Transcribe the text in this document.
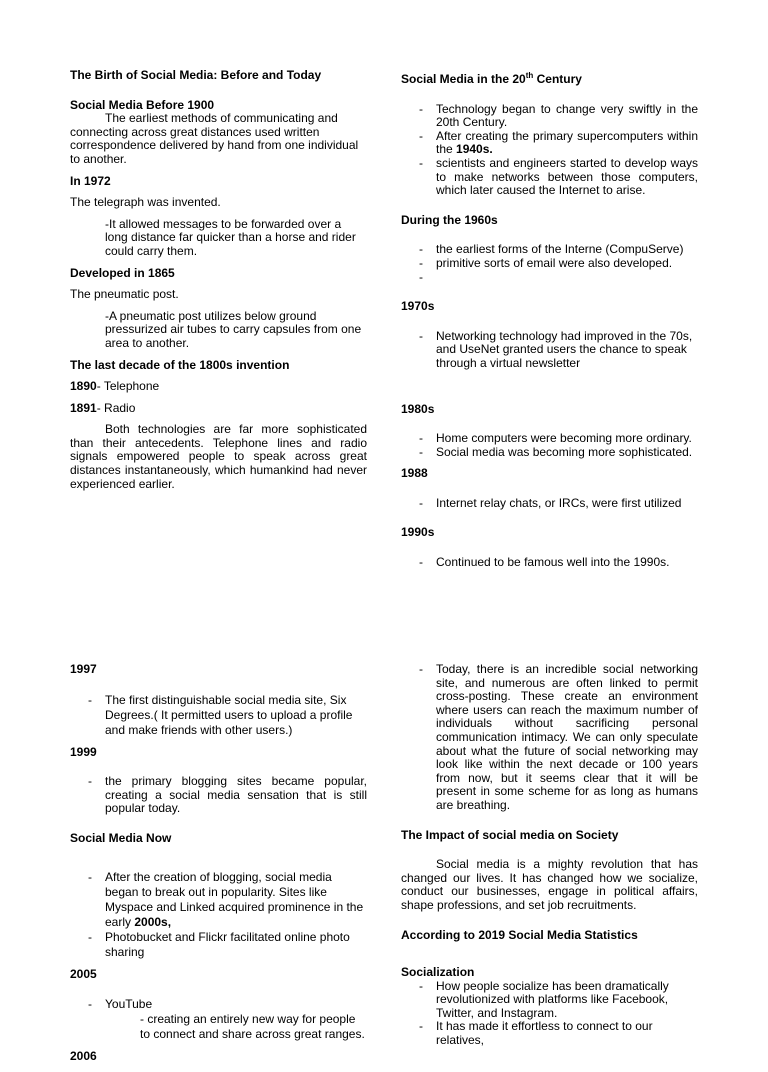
The Birth of Social Media: Before and Today
Social Media Before 1900
The earliest methods of communicating and connecting across great distances used written correspondence delivered by hand from one individual to another.
In 1972
The telegraph was invented.
-It allowed messages to be forwarded over a long distance far quicker than a horse and rider could carry them.
Developed in 1865
The pneumatic post.
-A pneumatic post utilizes below ground pressurized air tubes to carry capsules from one area to another.
The last decade of the 1800s invention
1890- Telephone
1891- Radio
Both technologies are far more sophisticated than their antecedents. Telephone lines and radio signals empowered people to speak across great distances instantaneously, which humankind had never experienced earlier.
Social Media in the 20th Century
- Technology began to change very swiftly in the 20th Century.
- After creating the primary supercomputers within the 1940s.
- scientists and engineers started to develop ways to make networks between those computers, which later caused the Internet to arise.
During the 1960s
- the earliest forms of the Interne (CompuServe)
- primitive sorts of email were also developed.
-
1970s
- Networking technology had improved in the 70s, and UseNet granted users the chance to speak through a virtual newsletter
1980s
- Home computers were becoming more ordinary.
- Social media was becoming more sophisticated.
1988
- Internet relay chats, or IRCs, were first utilized
1990s
- Continued to be famous well into the 1990s.
1997
- The first distinguishable social media site, Six Degrees.( It permitted users to upload a profile and make friends with other users.)
1999
- the primary blogging sites became popular, creating a social media sensation that is still popular today.
Social Media Now
- After the creation of blogging, social media began to break out in popularity. Sites like Myspace and Linked acquired prominence in the early 2000s,
- Photobucket and Flickr facilitated online photo sharing
2005
- YouTube
- creating an entirely new way for people to connect and share across great ranges.
2006
- Today, there is an incredible social networking site, and numerous are often linked to permit cross-posting. These create an environment where users can reach the maximum number of individuals without sacrificing personal communication intimacy. We can only speculate about what the future of social networking may look like within the next decade or 100 years from now, but it seems clear that it will be present in some scheme for as long as humans are breathing.
The Impact of social media on Society
Social media is a mighty revolution that has changed our lives. It has changed how we socialize, conduct our businesses, engage in political affairs, shape professions, and set job recruitments.
According to 2019 Social Media Statistics
Socialization
- How people socialize has been dramatically revolutionized with platforms like Facebook, Twitter, and Instagram.
- It has made it effortless to connect to our relatives,
